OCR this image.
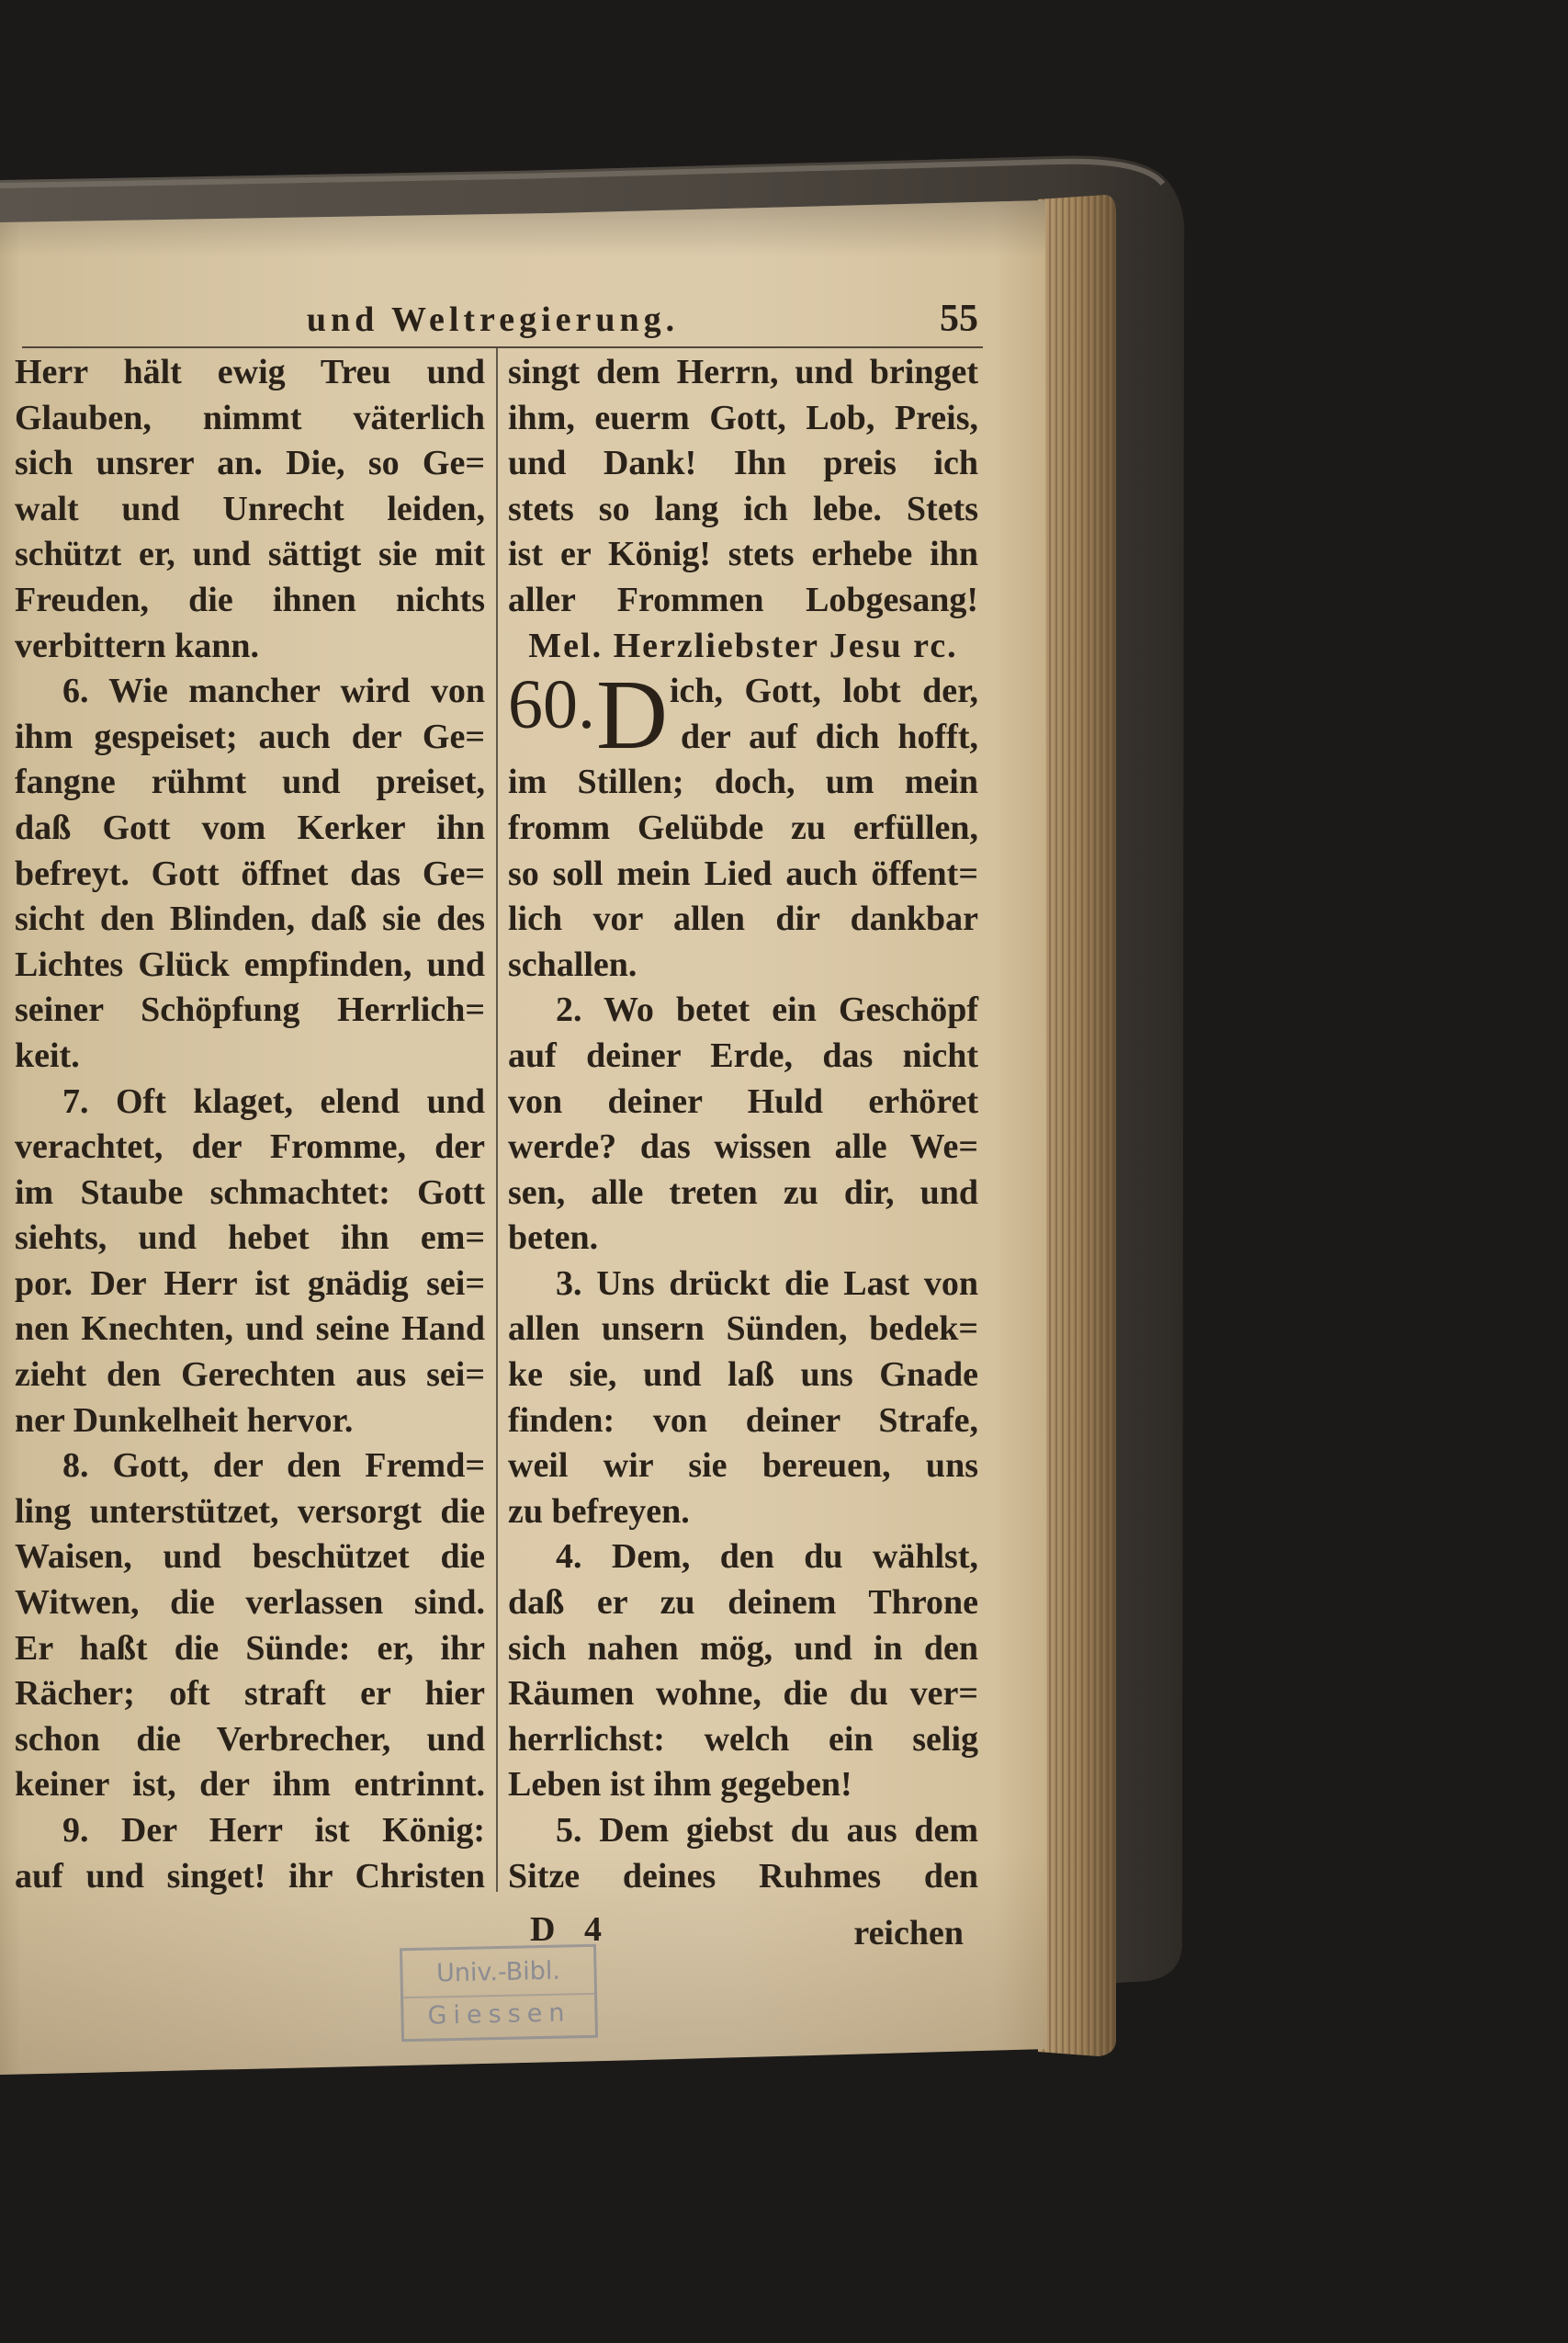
und Weltregierung.	55
Herr hält ewig Treu und
Glauben, nimmt väterlich
sich unsrer an. Die, so Ge=
walt und Unrecht leiden,
schützt er, und sättigt sie mit
Freuden, die ihnen nichts
verbittern kann.
6. Wie mancher wird von
ihm gespeiset; auch der Ge=
fangne rühmt und preiset,
daß Gott vom Kerker ihn
befreyt. Gott öffnet das Ge=
sicht den Blinden, daß sie des
Lichtes Glück empfinden, und
seiner Schöpfung Herrlich=
keit.
7. Oft klaget, elend und
verachtet, der Fromme, der
im Staube schmachtet: Gott
siehts, und hebet ihn em=
por. Der Herr ist gnädig sei=
nen Knechten, und seine Hand
zieht den Gerechten aus sei=
ner Dunkelheit hervor.
8. Gott, der den Fremd=
ling unterstützet, versorgt die
Waisen, und beschützet die
Witwen, die verlassen sind.
Er haßt die Sünde: er, ihr
Rächer; oft straft er hier
schon die Verbrecher, und
keiner ist, der ihm entrinnt.
9. Der Herr ist König:
auf und singet! ihr Christen
singt dem Herrn, und bringet
ihm, euerm Gott, Lob, Preis,
und Dank! Ihn preis ich
stets so lang ich lebe. Stets
ist er König! stets erhebe ihn
aller Frommen Lobgesang!
Mel. Herzliebster Jesu rc.
60. D ich, Gott, lobt der,
der auf dich hofft,
im Stillen; doch, um mein
fromm Gelübde zu erfüllen,
so soll mein Lied auch öffent=
lich vor allen dir dankbar
schallen.
2. Wo betet ein Geschöpf
auf deiner Erde, das nicht
von deiner Huld erhöret
werde? das wissen alle We=
sen, alle treten zu dir, und
beten.
3. Uns drückt die Last von
allen unsern Sünden, bedek=
ke sie, und laß uns Gnade
finden: von deiner Strafe,
weil wir sie bereuen, uns
zu befreyen.
4. Dem, den du wählst,
daß er zu deinem Throne
sich nahen mög, und in den
Räumen wohne, die du ver=
herrlichst: welch ein selig
Leben ist ihm gegeben!
5. Dem giebst du aus dem
Sitze deines Ruhmes den
D 4	reichen
Univ.-Bibl.
Giessen
